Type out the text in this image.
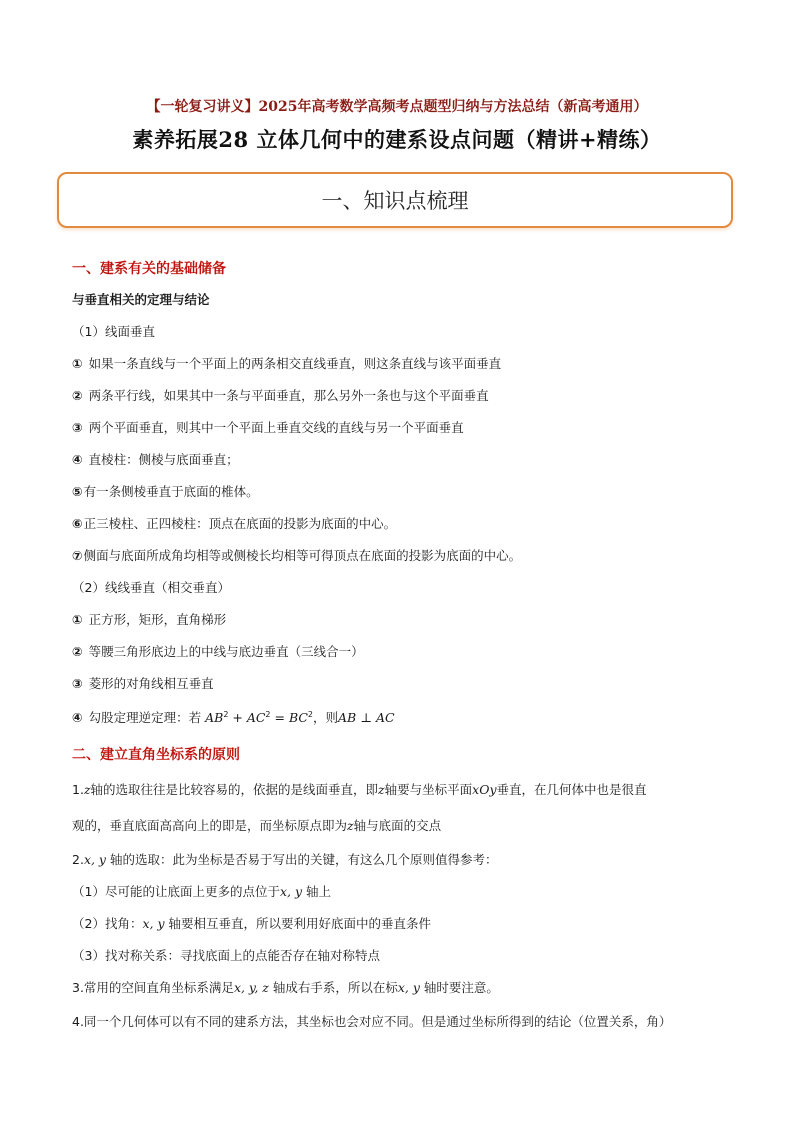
【一轮复习讲义】2025年高考数学高频考点题型归纳与方法总结（新高考通用）
素养拓展28 立体几何中的建系设点问题（精讲+精练）
一、知识点梳理
一、建系有关的基础储备
与垂直相关的定理与结论
（1）线面垂直
① 如果一条直线与一个平面上的两条相交直线垂直，则这条直线与该平面垂直
② 两条平行线，如果其中一条与平面垂直，那么另外一条也与这个平面垂直
③ 两个平面垂直，则其中一个平面上垂直交线的直线与另一个平面垂直
④ 直棱柱：侧棱与底面垂直；
⑤有一条侧棱垂直于底面的椎体。
⑥正三棱柱、正四棱柱：顶点在底面的投影为底面的中心。
⑦侧面与底面所成角均相等或侧棱长均相等可得顶点在底面的投影为底面的中心。
（2）线线垂直（相交垂直）
① 正方形，矩形，直角梯形
② 等腰三角形底边上的中线与底边垂直（三线合一）
③ 菱形的对角线相互垂直
④ 勾股定理逆定理：若 $AB^2 + AC^2 = BC^2$，则AB ⊥ AC
二、建立直角坐标系的原则
1.z轴的选取往往是比较容易的，依据的是线面垂直，即z轴要与坐标平面xOy垂直，在几何体中也是很直
观的，垂直底面高高向上的即是，而坐标原点即为z轴与底面的交点
2.x, y 轴的选取：此为坐标是否易于写出的关键，有这么几个原则值得参考：
（1）尽可能的让底面上更多的点位于x, y 轴上
（2）找角：x, y 轴要相互垂直，所以要利用好底面中的垂直条件
（3）找对称关系：寻找底面上的点能否存在轴对称特点
3.常用的空间直角坐标系满足x, y, z 轴成右手系，所以在标x, y 轴时要注意。
4.同一个几何体可以有不同的建系方法，其坐标也会对应不同。但是通过坐标所得到的结论（位置关系，角）
